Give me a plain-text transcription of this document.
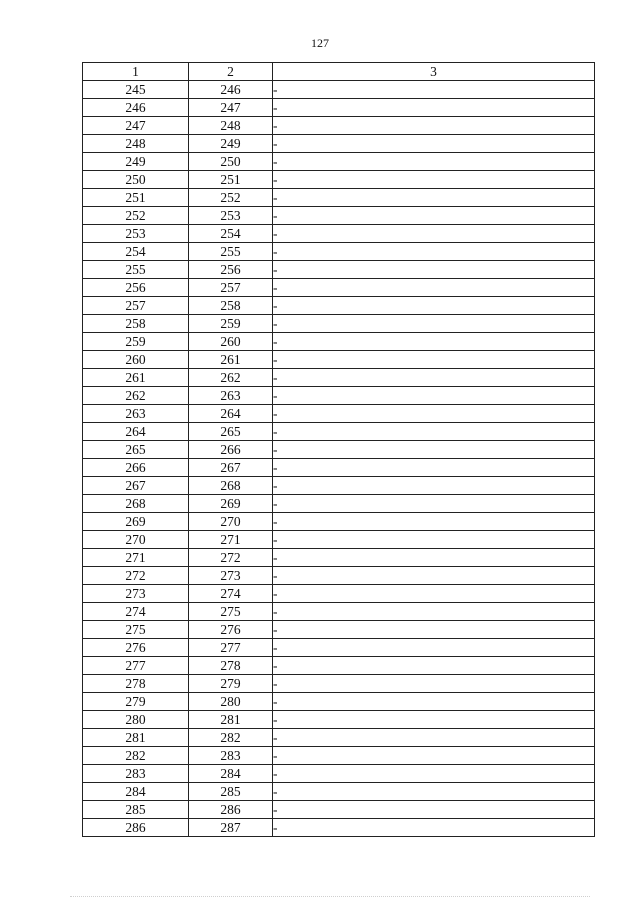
127
1	2	3
245	246	-
246	247	-
247	248	-
248	249	-
249	250	-
250	251	-
251	252	-
252	253	-
253	254	-
254	255	-
255	256	-
256	257	-
257	258	-
258	259	-
259	260	-
260	261	-
261	262	-
262	263	-
263	264	-
264	265	-
265	266	-
266	267	-
267	268	-
268	269	-
269	270	-
270	271	-
271	272	-
272	273	-
273	274	-
274	275	-
275	276	-
276	277	-
277	278	-
278	279	-
279	280	-
280	281	-
281	282	-
282	283	-
283	284	-
284	285	-
285	286	-
286	287	-
